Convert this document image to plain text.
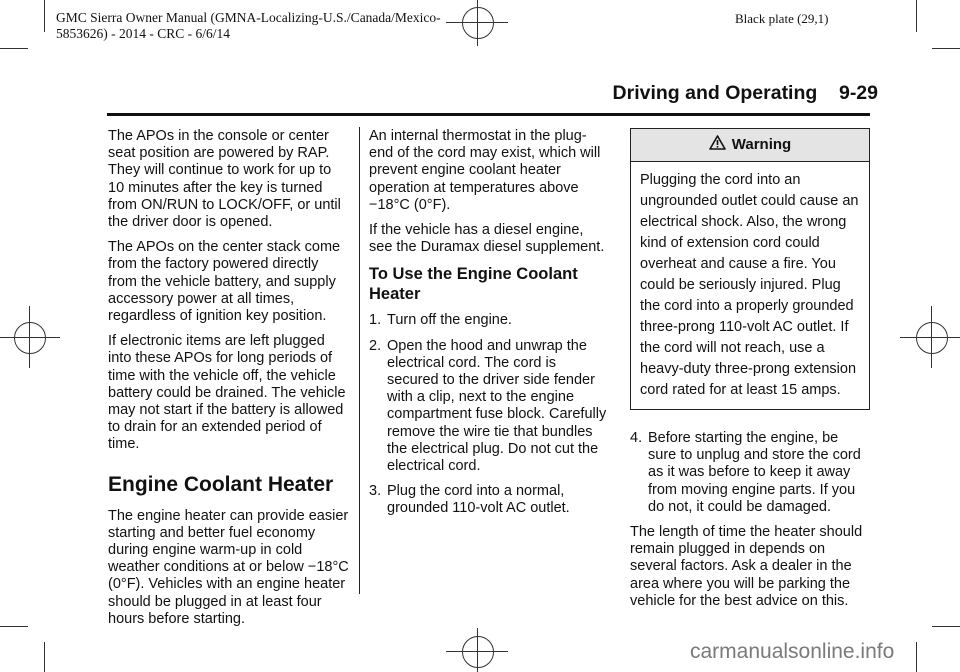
GMC Sierra Owner Manual (GMNA-Localizing-U.S./Canada/Mexico-
5853626) - 2014 - CRC - 6/6/14
Black plate (29,1)
Driving and Operating    9-29

The APOs in the console or center seat position are powered by RAP. They will continue to work for up to 10 minutes after the key is turned from ON/RUN to LOCK/OFF, or until the driver door is opened.

The APOs on the center stack come from the factory powered directly from the vehicle battery, and supply accessory power at all times, regardless of ignition key position.

If electronic items are left plugged into these APOs for long periods of time with the vehicle off, the vehicle battery could be drained. The vehicle may not start if the battery is allowed to drain for an extended period of time.

Engine Coolant Heater

The engine heater can provide easier starting and better fuel economy during engine warm-up in cold weather conditions at or below −18°C (0°F). Vehicles with an engine heater should be plugged in at least four hours before starting.

An internal thermostat in the plug-end of the cord may exist, which will prevent engine coolant heater operation at temperatures above −18°C (0°F).

If the vehicle has a diesel engine, see the Duramax diesel supplement.

To Use the Engine Coolant Heater
1. Turn off the engine.
2. Open the hood and unwrap the electrical cord. The cord is secured to the driver side fender with a clip, next to the engine compartment fuse block. Carefully remove the wire tie that bundles the electrical plug. Do not cut the electrical cord.
3. Plug the cord into a normal, grounded 110-volt AC outlet.
Warning
Plugging the cord into an ungrounded outlet could cause an electrical shock. Also, the wrong kind of extension cord could overheat and cause a fire. You could be seriously injured. Plug the cord into a properly grounded three-prong 110-volt AC outlet. If the cord will not reach, use a heavy-duty three-prong extension cord rated for at least 15 amps.
4. Before starting the engine, be sure to unplug and store the cord as it was before to keep it away from moving engine parts. If you do not, it could be damaged.

The length of time the heater should remain plugged in depends on several factors. Ask a dealer in the area where you will be parking the vehicle for the best advice on this.

carmanualsonline.info
